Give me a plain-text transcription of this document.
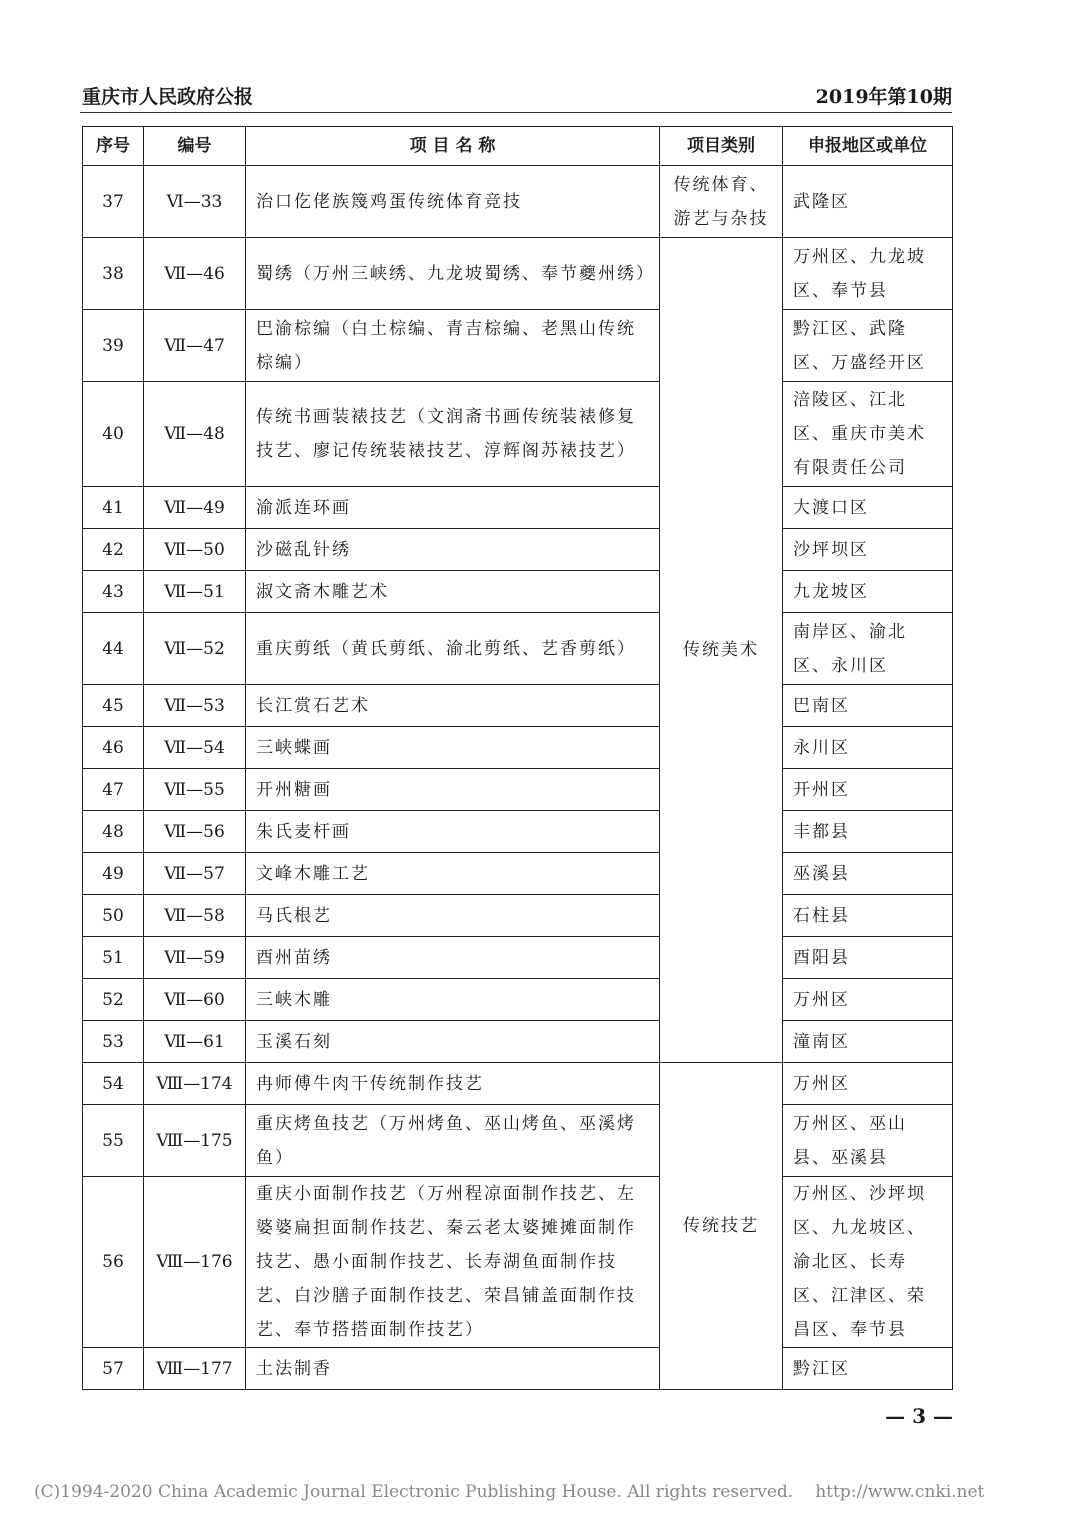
重庆市人民政府公报	2019年第10期
序号	编号	项 目 名 称	项目类别	申报地区或单位
37	Ⅵ—33	治口仡佬族篾鸡蛋传统体育竞技	传统体育、游艺与杂技	武隆区
38	Ⅶ—46	蜀绣（万州三峡绣、九龙坡蜀绣、奉节夔州绣）	传统美术	万州区、九龙坡区、奉节县
39	Ⅶ—47	巴渝棕编（白土棕编、青吉棕编、老黑山传统棕编）		黔江区、武隆区、万盛经开区
40	Ⅶ—48	传统书画装裱技艺（文润斋书画传统装裱修复技艺、廖记传统装裱技艺、淳辉阁苏裱技艺）		涪陵区、江北区、重庆市美术有限责任公司
41	Ⅶ—49	渝派连环画		大渡口区
42	Ⅶ—50	沙磁乱针绣		沙坪坝区
43	Ⅶ—51	淑文斋木雕艺术		九龙坡区
44	Ⅶ—52	重庆剪纸（黄氏剪纸、渝北剪纸、艺香剪纸）		南岸区、渝北区、永川区
45	Ⅶ—53	长江赏石艺术		巴南区
46	Ⅶ—54	三峡蝶画		永川区
47	Ⅶ—55	开州糖画		开州区
48	Ⅶ—56	朱氏麦杆画		丰都县
49	Ⅶ—57	文峰木雕工艺		巫溪县
50	Ⅶ—58	马氏根艺		石柱县
51	Ⅶ—59	酉州苗绣		酉阳县
52	Ⅶ—60	三峡木雕		万州区
53	Ⅶ—61	玉溪石刻		潼南区
54	Ⅷ—174	冉师傅牛肉干传统制作技艺	传统技艺	万州区
55	Ⅷ—175	重庆烤鱼技艺（万州烤鱼、巫山烤鱼、巫溪烤鱼）		万州区、巫山县、巫溪县
56	Ⅷ—176	重庆小面制作技艺（万州程凉面制作技艺、左婆婆扁担面制作技艺、秦云老太婆摊摊面制作技艺、愚小面制作技艺、长寿湖鱼面制作技艺、白沙膳子面制作技艺、荣昌铺盖面制作技艺、奉节搭搭面制作技艺）		万州区、沙坪坝区、九龙坡区、渝北区、长寿区、江津区、荣昌区、奉节县
57	Ⅷ—177	土法制香		黔江区
— 3 —
(C)1994-2020 China Academic Journal Electronic Publishing House. All rights reserved. http://www.cnki.net
